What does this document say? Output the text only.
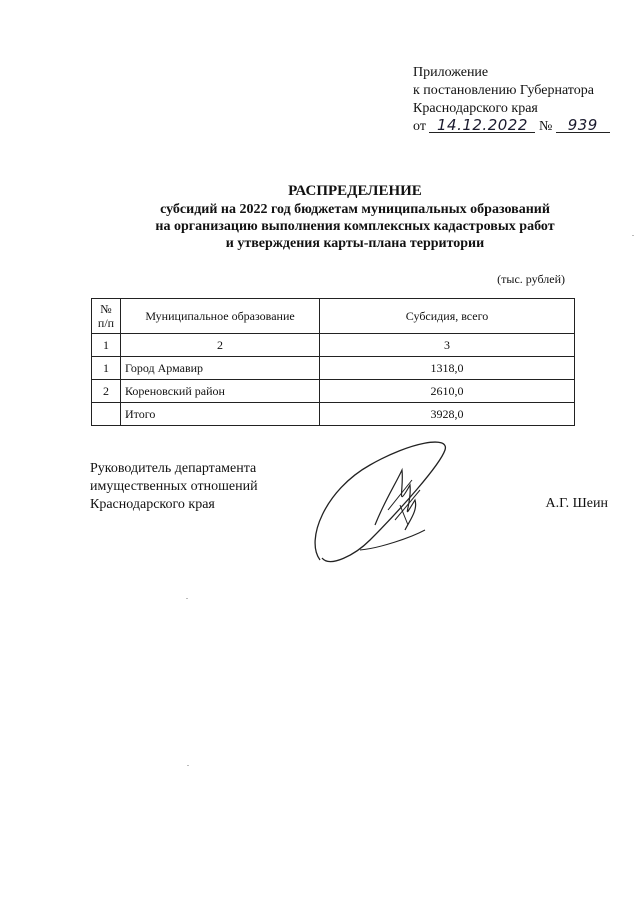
Приложение
к постановлению Губернатора
Краснодарского края
от 14.12.2022 № 939
РАСПРЕДЕЛЕНИЕ
субсидий на 2022 год бюджетам муниципальных образований
на организацию выполнения комплексных кадастровых работ
и утверждения карты-плана территории
(тыс. рублей)
№ п/п	Муниципальное образование	Субсидия, всего
1	2	3
1	Город Армавир	1318,0
2	Кореновский район	2610,0
	Итого	3928,0
Руководитель департамента
имущественных отношений
Краснодарского края	А.Г. Шеин
